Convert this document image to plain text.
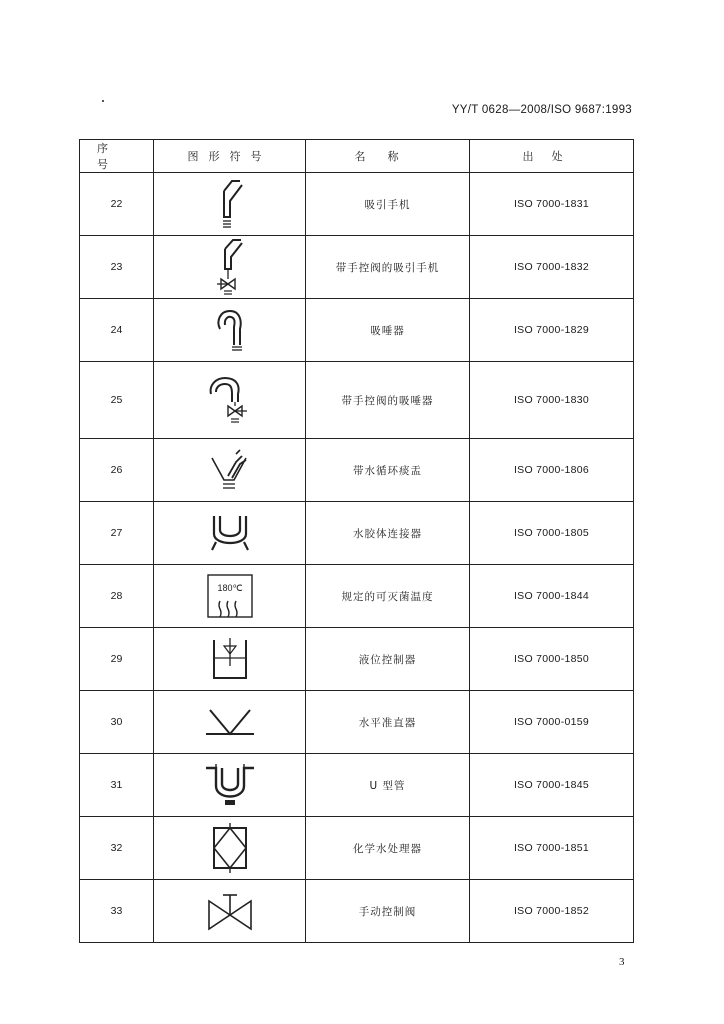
YY/T 0628—2008/ISO 9687:1993
序号	图形符号	名称	出处
22		吸引手机	ISO 7000-1831
23		带手控阀的吸引手机	ISO 7000-1832
24		吸唾器	ISO 7000-1829
25		带手控阀的吸唾器	ISO 7000-1830
26		带水循环痰盂	ISO 7000-1806
27		水胶体连接器	ISO 7000-1805
28	180℃	规定的可灭菌温度	ISO 7000-1844
29		液位控制器	ISO 7000-1850
30		水平准直器	ISO 7000-0159
31		U 型管	ISO 7000-1845
32		化学水处理器	ISO 7000-1851
33		手动控制阀	ISO 7000-1852
3
